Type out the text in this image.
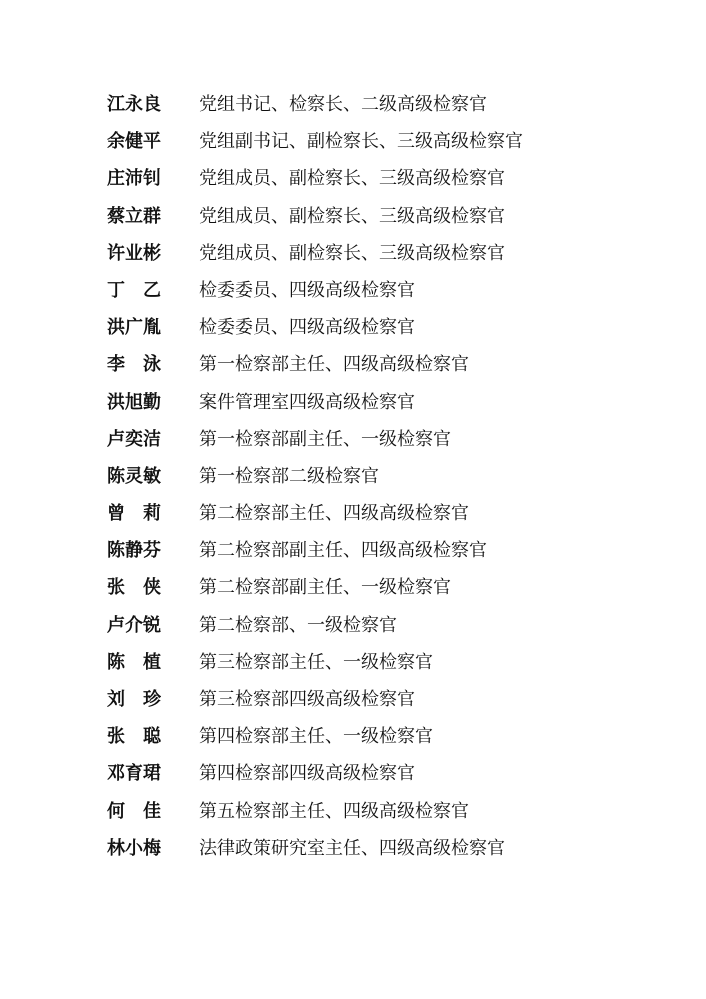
江永良	党组书记、检察长、二级高级检察官
余健平	党组副书记、副检察长、三级高级检察官
庄沛钊	党组成员、副检察长、三级高级检察官
蔡立群	党组成员、副检察长、三级高级检察官
许业彬	党组成员、副检察长、三级高级检察官
丁　乙	检委委员、四级高级检察官
洪广胤	检委委员、四级高级检察官
李　泳	第一检察部主任、四级高级检察官
洪旭勤	案件管理室四级高级检察官
卢奕洁	第一检察部副主任、一级检察官
陈灵敏	第一检察部二级检察官
曾　莉	第二检察部主任、四级高级检察官
陈静芬	第二检察部副主任、四级高级检察官
张　侠	第二检察部副主任、一级检察官
卢介锐	第二检察部、一级检察官
陈　植	第三检察部主任、一级检察官
刘　珍	第三检察部四级高级检察官
张　聪	第四检察部主任、一级检察官
邓育珺	第四检察部四级高级检察官
何　佳	第五检察部主任、四级高级检察官
林小梅	法律政策研究室主任、四级高级检察官
